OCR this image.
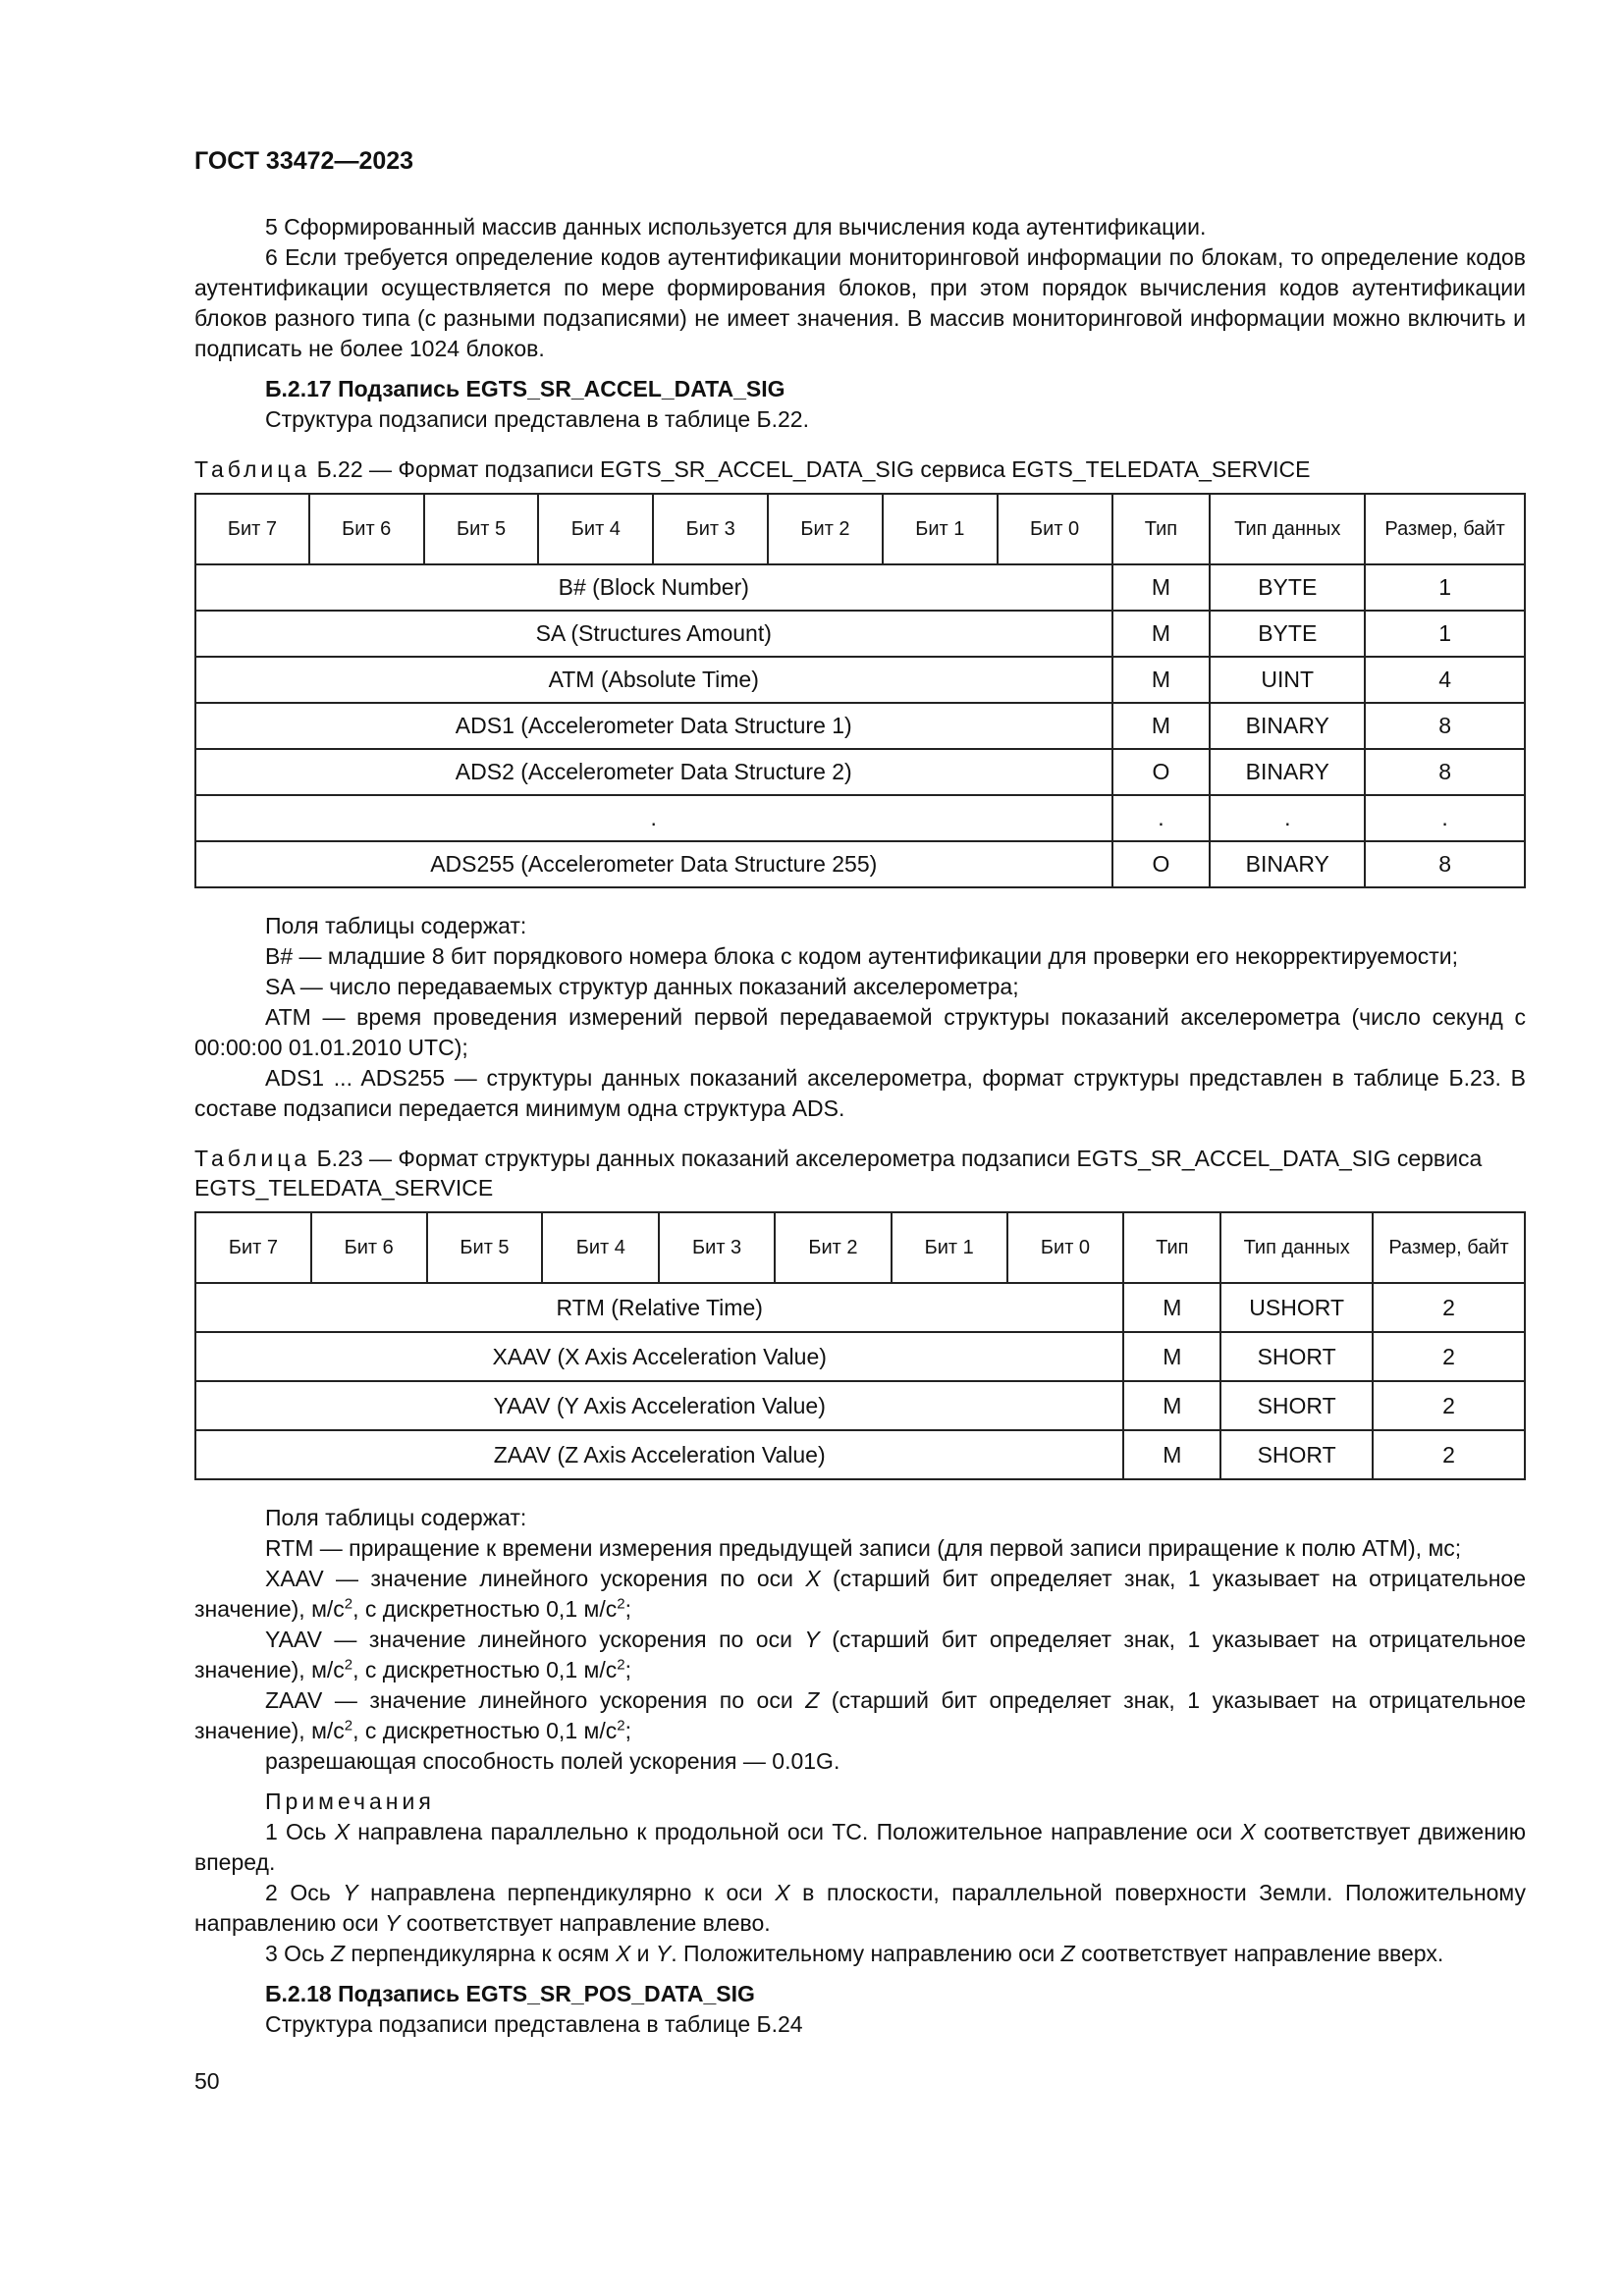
ГОСТ 33472—2023

5 Сформированный массив данных используется для вычисления кода аутентификации.

6 Если требуется определение кодов аутентификации мониторинговой информации по блокам, то определение кодов аутентификации осуществляется по мере формирования блоков, при этом порядок вычисления кодов аутентификации блоков разного типа (с разными подзаписями) не имеет значения. В массив мониторинговой информации можно включить и подписать не более 1024 блоков.

Б.2.17 Подзапись EGTS_SR_ACCEL_DATA_SIG

Структура подзаписи представлена в таблице Б.22.

Таблица Б.22 — Формат подзаписи EGTS_SR_ACCEL_DATA_SIG сервиса EGTS_TELEDATA_SERVICE
Бит 7	Бит 6	Бит 5	Бит 4	Бит 3	Бит 2	Бит 1	Бит 0	Тип	Тип данных	Размер, байт
B# (Block Number)								M	BYTE	1
SA (Structures Amount)								M	BYTE	1
ATM (Absolute Time)								M	UINT	4
ADS1 (Accelerometer Data Structure 1)								M	BINARY	8
ADS2 (Accelerometer Data Structure 2)								O	BINARY	8
.								.	.	.
ADS255 (Accelerometer Data Structure 255)								O	BINARY	8

Поля таблицы содержат:

B# — младшие 8 бит порядкового номера блока с кодом аутентификации для проверки его некорректируемости;

SA — число передаваемых структур данных показаний акселерометра;

ATM — время проведения измерений первой передаваемой структуры показаний акселерометра (число секунд с 00:00:00 01.01.2010 UTC);

ADS1 ... ADS255 — структуры данных показаний акселерометра, формат структуры представлен в таблице Б.23. В составе подзаписи передается минимум одна структура ADS.

Таблица Б.23 — Формат структуры данных показаний акселерометра подзаписи EGTS_SR_ACCEL_DATA_SIG сервиса EGTS_TELEDATA_SERVICE
Бит 7	Бит 6	Бит 5	Бит 4	Бит 3	Бит 2	Бит 1	Бит 0	Тип	Тип данных	Размер, байт
RTM (Relative Time)								M	USHORT	2
XAAV (X Axis Acceleration Value)								M	SHORT	2
YAAV (Y Axis Acceleration Value)								M	SHORT	2
ZAAV (Z Axis Acceleration Value)								M	SHORT	2

Поля таблицы содержат:

RTM — приращение к времени измерения предыдущей записи (для первой записи приращение к полю ATM), мс;

XAAV — значение линейного ускорения по оси X (старший бит определяет знак, 1 указывает на отрицательное значение), $м/с^2$, с дискретностью 0,1 $м/с^2$;

YAAV — значение линейного ускорения по оси Y (старший бит определяет знак, 1 указывает на отрицательное значение), $м/с^2$, с дискретностью 0,1 $м/с^2$;

ZAAV — значение линейного ускорения по оси Z (старший бит определяет знак, 1 указывает на отрицательное значение), $м/с^2$, с дискретностью 0,1 $м/с^2$;

разрешающая способность полей ускорения — 0.01G.

Примечания

1 Ось X направлена параллельно к продольной оси ТС. Положительное направление оси X соответствует движению вперед.

2 Ось Y направлена перпендикулярно к оси X в плоскости, параллельной поверхности Земли. Положительному направлению оси Y соответствует направление влево.

3 Ось Z перпендикулярна к осям X и Y. Положительному направлению оси Z соответствует направление вверх.

Б.2.18 Подзапись EGTS_SR_POS_DATA_SIG

Структура подзаписи представлена в таблице Б.24

50
